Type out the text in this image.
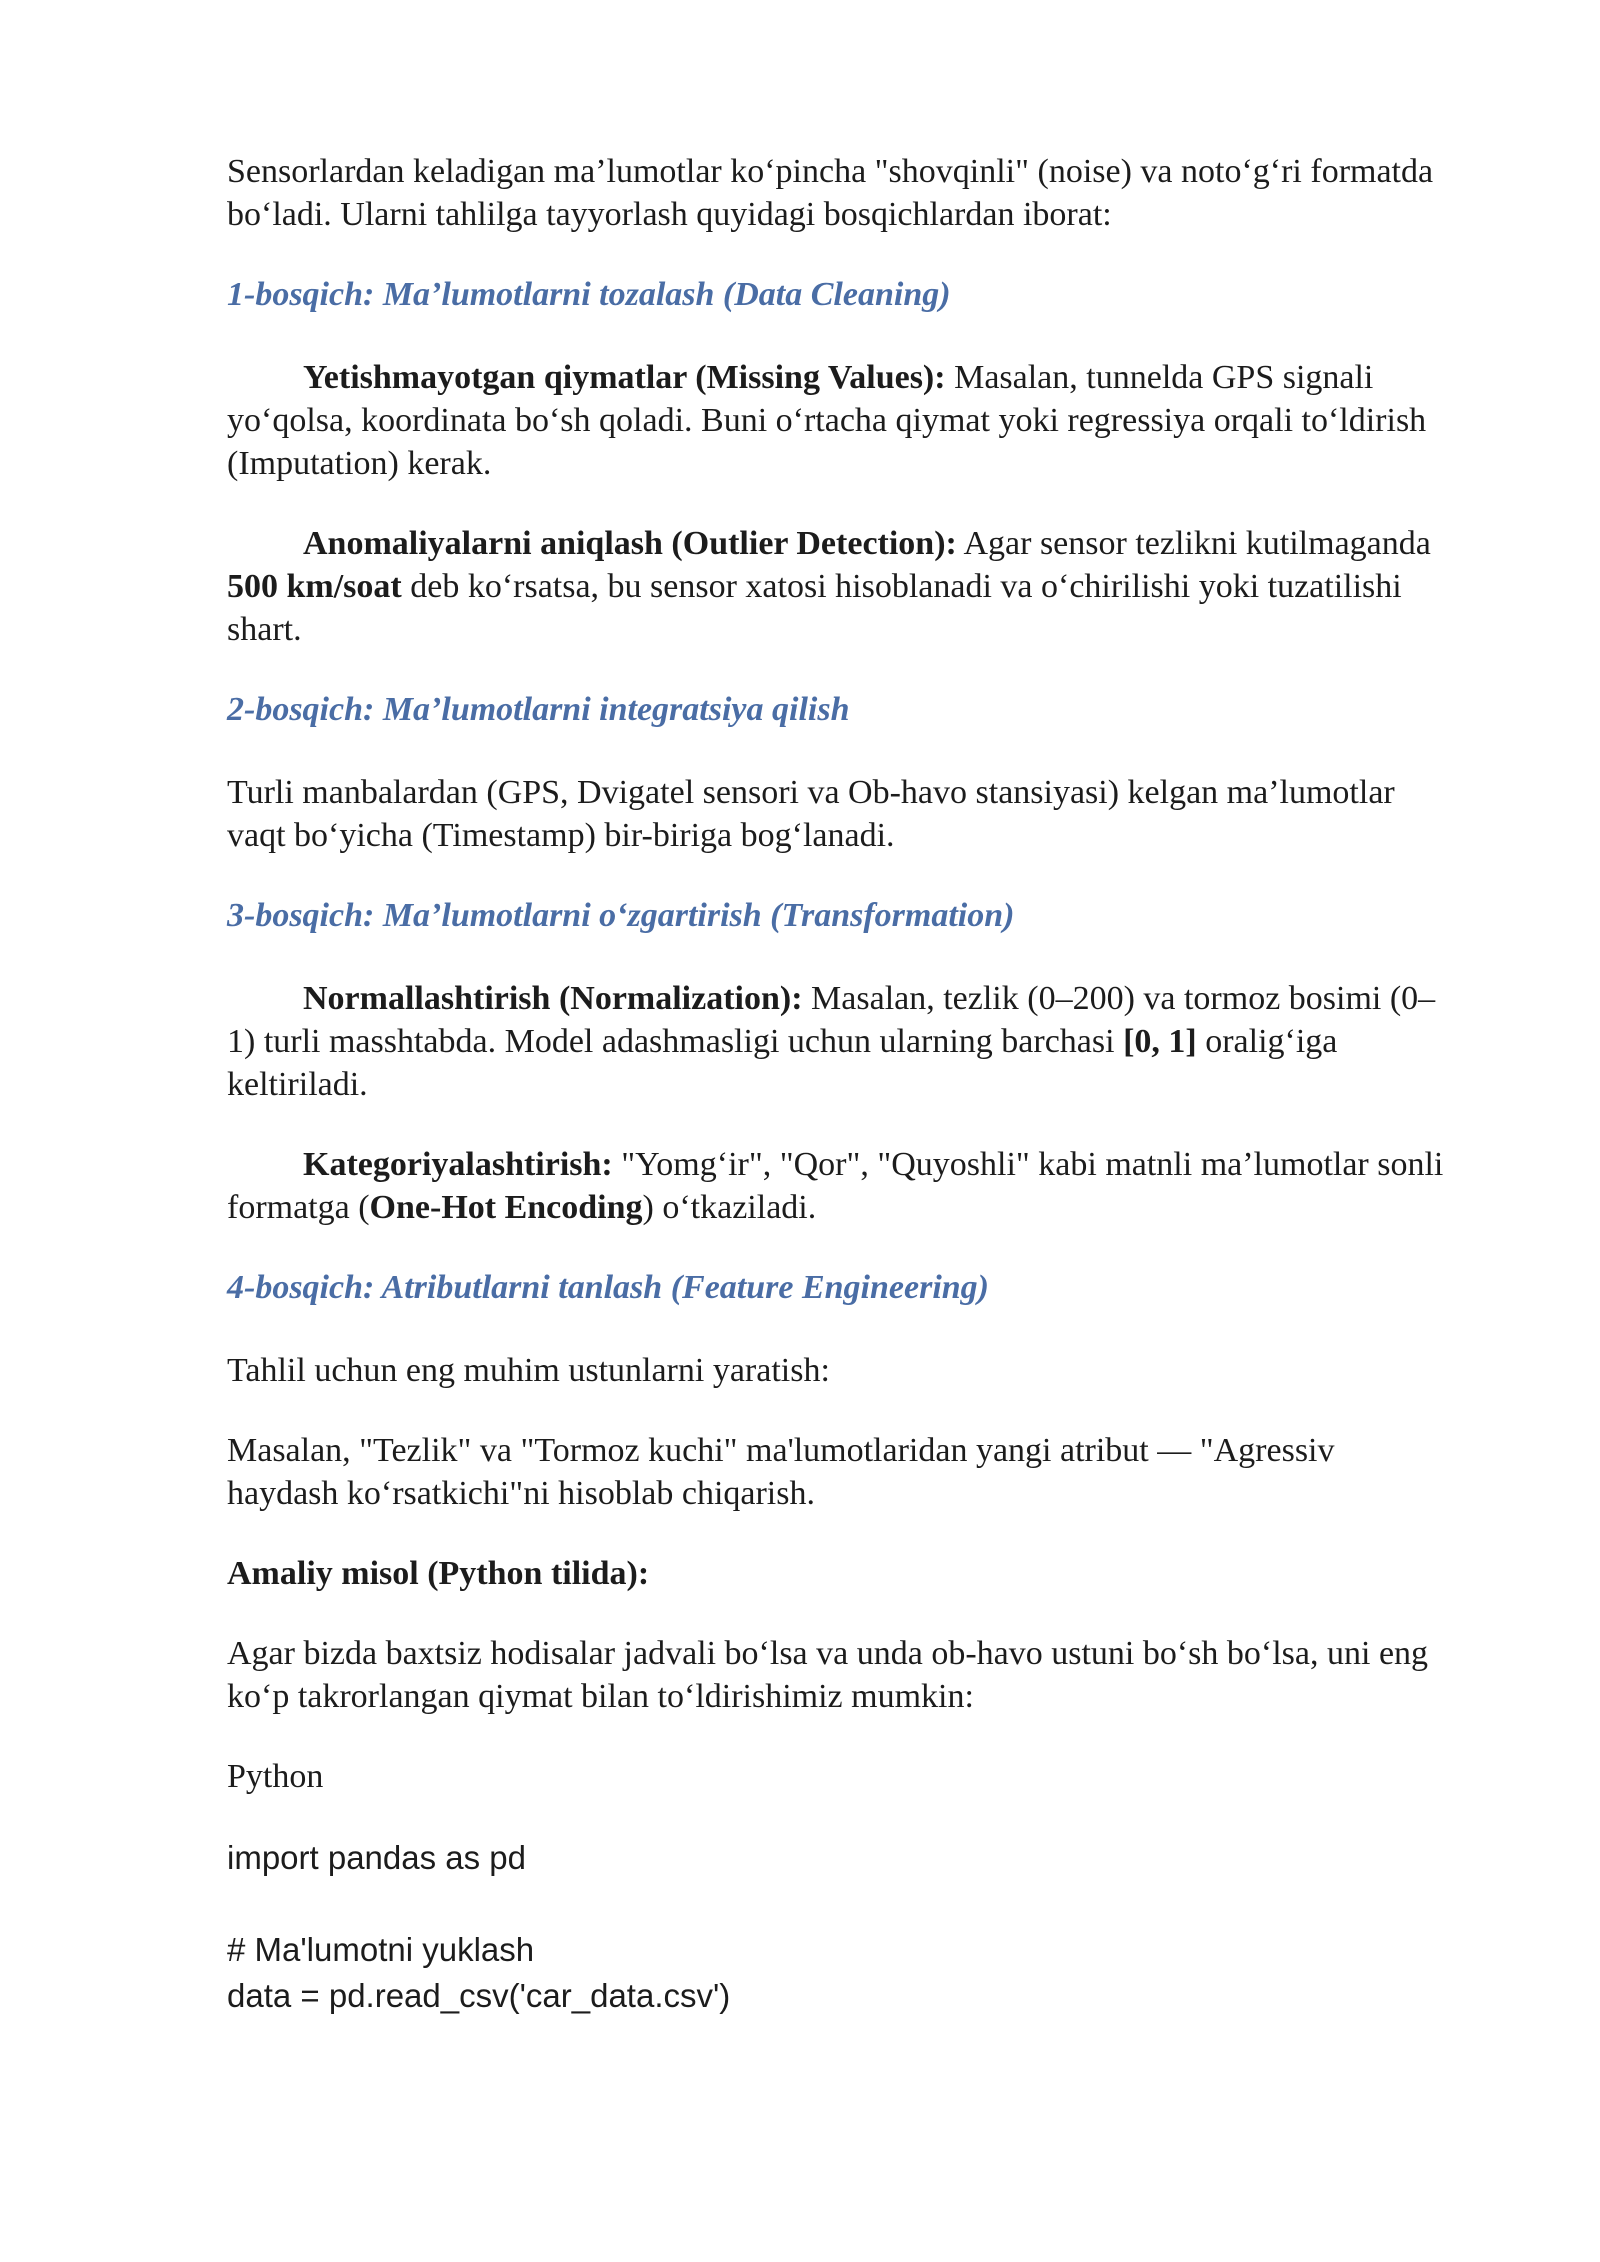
Sensorlardan keladigan ma’lumotlar ko‘pincha "shovqinli" (noise) va noto‘g‘ri formatda bo‘ladi. Ularni tahlilga tayyorlash quyidagi bosqichlardan iborat:

1-bosqich: Ma’lumotlarni tozalash (Data Cleaning)

Yetishmayotgan qiymatlar (Missing Values): Masalan, tunnelda GPS signali yo‘qolsa, koordinata bo‘sh qoladi. Buni o‘rtacha qiymat yoki regressiya orqali to‘ldirish (Imputation) kerak.

Anomaliyalarni aniqlash (Outlier Detection): Agar sensor tezlikni kutilmaganda 500 km/soat deb ko‘rsatsa, bu sensor xatosi hisoblanadi va o‘chirilishi yoki tuzatilishi shart.

2-bosqich: Ma’lumotlarni integratsiya qilish

Turli manbalardan (GPS, Dvigatel sensori va Ob-havo stansiyasi) kelgan ma’lumotlar vaqt bo‘yicha (Timestamp) bir-biriga bog‘lanadi.

3-bosqich: Ma’lumotlarni o‘zgartirish (Transformation)

Normallashtirish (Normalization): Masalan, tezlik (0–200) va tormoz bosimi (0–1) turli masshtabda. Model adashmasligi uchun ularning barchasi [0, 1] oralig‘iga keltiriladi.

Kategoriyalashtirish: "Yomg‘ir", "Qor", "Quyoshli" kabi matnli ma’lumotlar sonli formatga (One-Hot Encoding) o‘tkaziladi.

4-bosqich: Atributlarni tanlash (Feature Engineering)

Tahlil uchun eng muhim ustunlarni yaratish:

Masalan, "Tezlik" va "Tormoz kuchi" ma'lumotlaridan yangi atribut — "Agressiv haydash ko‘rsatkichi"ni hisoblab chiqarish.

Amaliy misol (Python tilida):

Agar bizda baxtsiz hodisalar jadvali bo‘lsa va unda ob-havo ustuni bo‘sh bo‘lsa, uni eng ko‘p takrorlangan qiymat bilan to‘ldirishimiz mumkin:

Python

import pandas as pd
# Ma'lumotni yuklash
data = pd.read_csv('car_data.csv')
